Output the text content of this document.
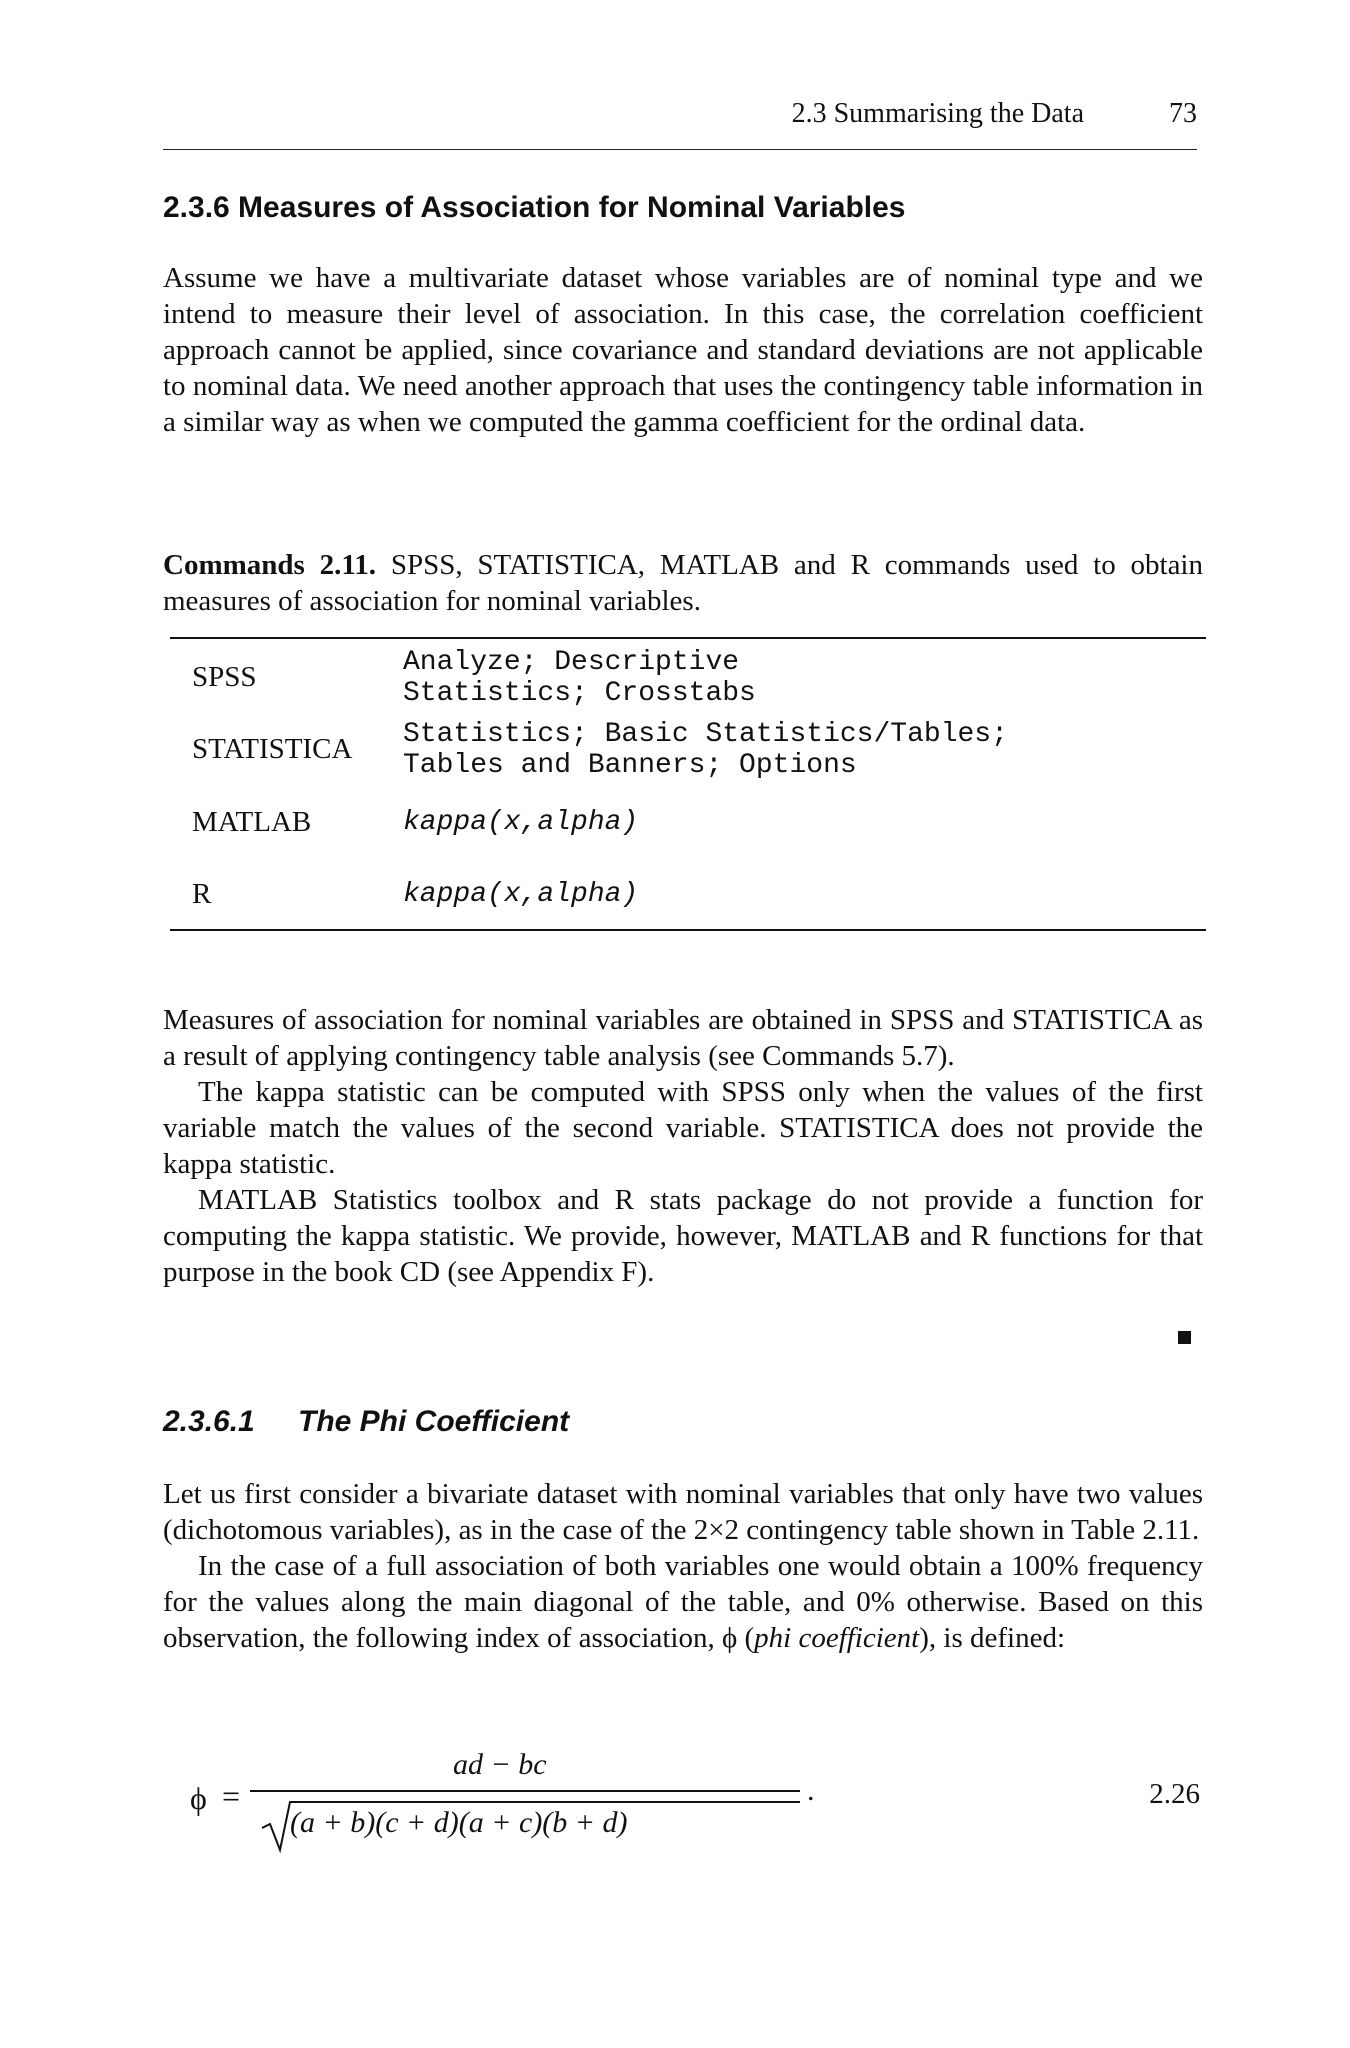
2.3 Summarising the Data	73
2.3.6 Measures of Association for Nominal Variables

Assume we have a multivariate dataset whose variables are of nominal type and we intend to measure their level of association. In this case, the correlation coefficient approach cannot be applied, since covariance and standard deviations are not applicable to nominal data. We need another approach that uses the contingency table information in a similar way as when we computed the gamma coefficient for the ordinal data.

Commands 2.11. SPSS, STATISTICA, MATLAB and R commands used to obtain measures of association for nominal variables.

SPSS	Analyze; Descriptive
Statistics; Crosstabs
STATISTICA Statistics; Basic Statistics/Tables;
Tables and Banners; Options
MATLAB	kappa(x,alpha)
R	kappa(x,alpha)

Measures of association for nominal variables are obtained in SPSS and STATISTICA as a result of applying contingency table analysis (see Commands 5.7).

The kappa statistic can be computed with SPSS only when the values of the first variable match the values of the second variable. STATISTICA does not provide the kappa statistic.

MATLAB Statistics toolbox and R stats package do not provide a function for computing the kappa statistic. We provide, however, MATLAB and R functions for that purpose in the book CD (see Appendix F).

2.3.6.1 The Phi Coefficient

Let us first consider a bivariate dataset with nominal variables that only have two values (dichotomous variables), as in the case of the 2×2 contingency table shown in Table 2.11.

In the case of a full association of both variables one would obtain a 100% frequency for the values along the main diagonal of the table, and 0% otherwise. Based on this observation, the following index of association, ϕ (phi coefficient), is defined:

ϕ =
ad − bc
(a + b)(c + d)(a + c)(b + d)
.	2.26
